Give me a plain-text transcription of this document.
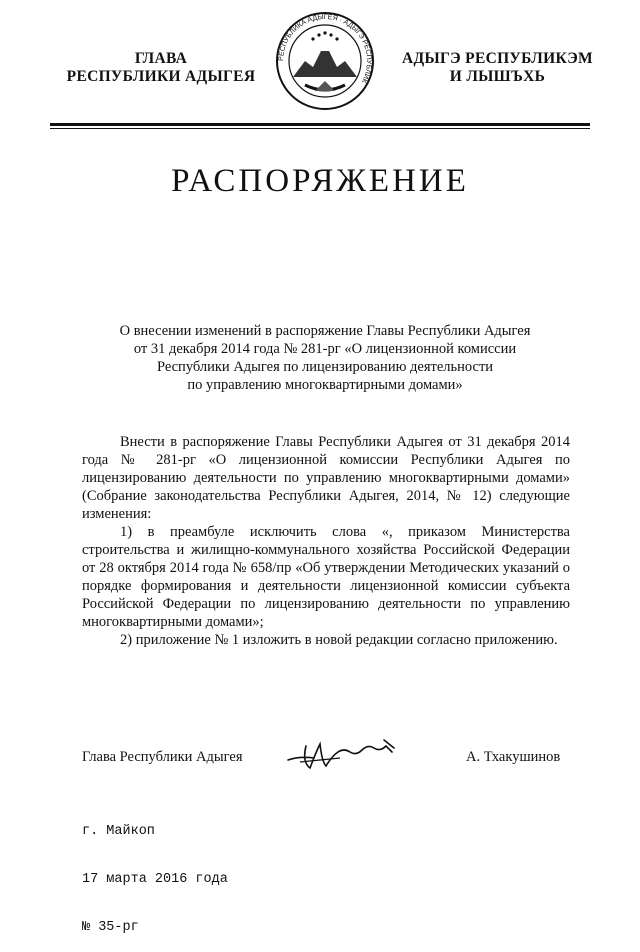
ГЛАВА
РЕСПУБЛИКИ АДЫГЕЯ
РЕСПУБЛИКА АДЫГЕЯ · АДЫГЭ РЕСПУБЛИК
АДЫГЭ РЕСПУБЛИКЭМ
И ЛЫШЪХЬ
РАСПОРЯЖЕНИЕ
О внесении изменений в распоряжение Главы Республики Адыгея
от 31 декабря 2014 года № 281-рг «О лицензионной комиссии
Республики Адыгея по лицензированию деятельности
по управлению многоквартирными домами»

Внести в распоряжение Главы Республики Адыгея от 31 декабря 2014 года № 281-рг «О лицензионной комиссии Республики Адыгея по лицензированию деятельности по управлению многоквартирными домами» (Собрание законодательства Республики Адыгея, 2014, № 12) следующие изменения:

1) в преамбуле исключить слова «, приказом Министерства строительства и жилищно-коммунального хозяйства Российской Федерации от 28 октября 2014 года № 658/пр «Об утверждении Методических указаний о порядке формирования и деятельности лицензионной комиссии субъекта Российской Федерации по лицензированию деятельности по управлению многоквартирными домами»;

2) приложение № 1 изложить в новой редакции согласно приложению.

Глава Республики Адыгея	А. Тхакушинов

г. Майкоп

17 марта 2016 года

№ 35-рг
